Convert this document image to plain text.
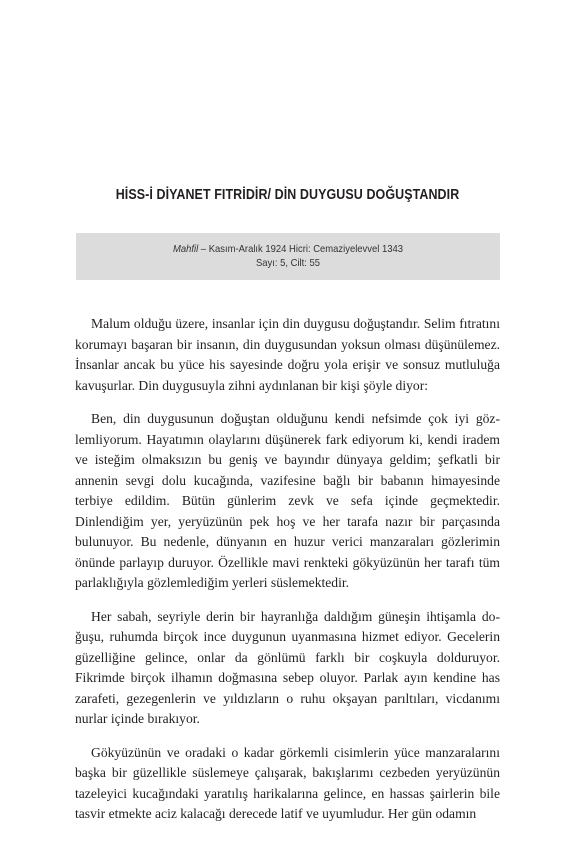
HİSS-İ DİYANET FITRİDİR/ DİN DUYGUSU DOĞUŞTANDIR
Mahfil – Kasım-Aralık 1924 Hicri: Cemaziyelevvel 1343
Sayı: 5, Cilt: 55

Malum olduğu üzere, insanlar için din duygusu doğuştandır. Selim fıtratını korumayı başaran bir insanın, din duygusundan yoksun olması düşünülemez. İnsanlar ancak bu yüce his sayesinde doğru yola erişir ve sonsuz mutluluğa kavuşurlar. Din duygusuyla zihni aydınlanan bir kişi şöyle diyor:

Ben, din duygusunun doğuştan olduğunu kendi nefsimde çok iyi gözlemliyorum. Hayatımın olaylarını düşünerek fark ediyorum ki, kendi iradem ve isteğim olmaksızın bu geniş ve bayındır dünyaya geldim; şefkatli bir annenin sevgi dolu kucağında, vazifesine bağlı bir babanın himayesinde terbiye edildim. Bütün günlerim zevk ve sefa içinde geçmektedir. Dinlendiğim yer, yeryüzünün pek hoş ve her tarafa nazır bir parçasında bulunuyor. Bu nedenle, dünyanın en huzur verici manzaraları gözlerimin önünde parlayıp duruyor. Özellikle mavi renkteki gökyüzünün her tarafı tüm parlaklığıyla gözlemlediğim yerleri süslemektedir.

Her sabah, seyriyle derin bir hayranlığa daldığım güneşin ihtişamla doğuşu, ruhumda birçok ince duygunun uyanmasına hizmet ediyor. Gecelerin güzelliğine gelince, onlar da gönlümü farklı bir coşkuyla dolduruyor. Fikrimde birçok ilhamın doğmasına sebep oluyor. Parlak ayın kendine has zarafeti, gezegenlerin ve yıldızların o ruhu okşayan parıltıları, vicdanımı nurlar içinde bırakıyor.

Gökyüzünün ve oradaki o kadar görkemli cisimlerin yüce manzaralarını başka bir güzellikle süslemeye çalışarak, bakışlarımı cezbeden yeryüzünün tazeleyici kucağındaki yaratılış harikalarına gelince, en hassas şairlerin bile tasvir etmekte aciz kalacağı derecede latif ve uyumludur. Her gün odamın
